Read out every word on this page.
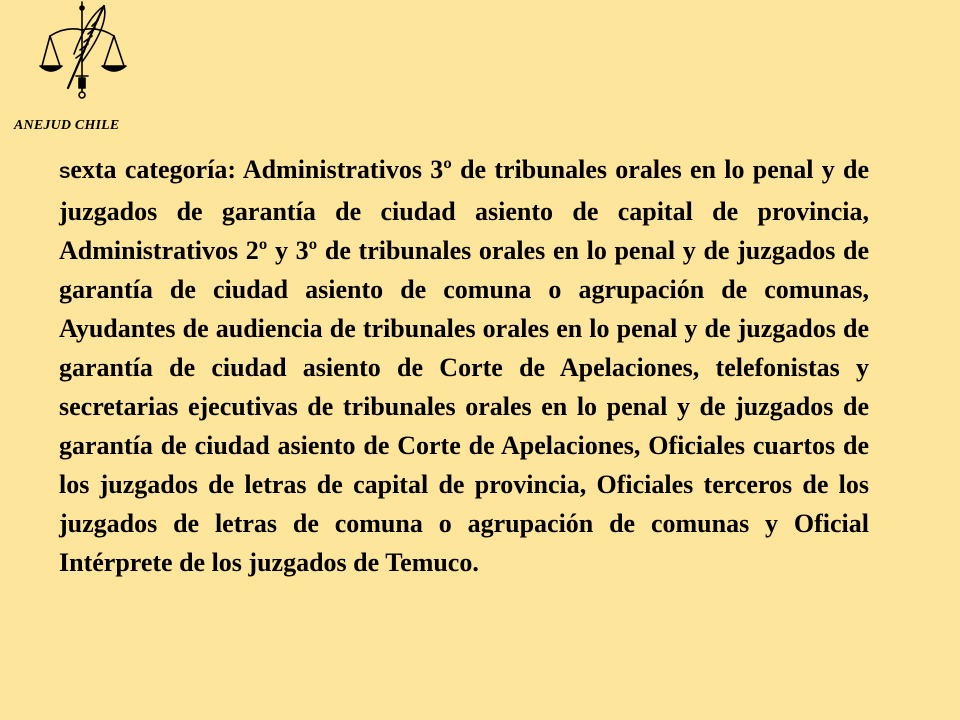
ANEJUD CHILE

Sexta categoría: Administrativos 3º de tribunales orales en lo penal y de juzgados de garantía de ciudad asiento de capital de provincia, Administrativos 2º y 3º de tribunales orales en lo penal y de juzgados de garantía de ciudad asiento de comuna o agrupación de comunas, Ayudantes de audiencia de tribunales orales en lo penal y de juzgados de garantía de ciudad asiento de Corte de Apelaciones, telefonistas y secretarias ejecutivas de tribunales orales en lo penal y de juzgados de garantía de ciudad asiento de Corte de Apelaciones, Oficiales cuartos de los juzgados de letras de capital de provincia, Oficiales terceros de los juzgados de letras de comuna o agrupación de comunas y Oficial Intérprete de los juzgados de Temuco.
